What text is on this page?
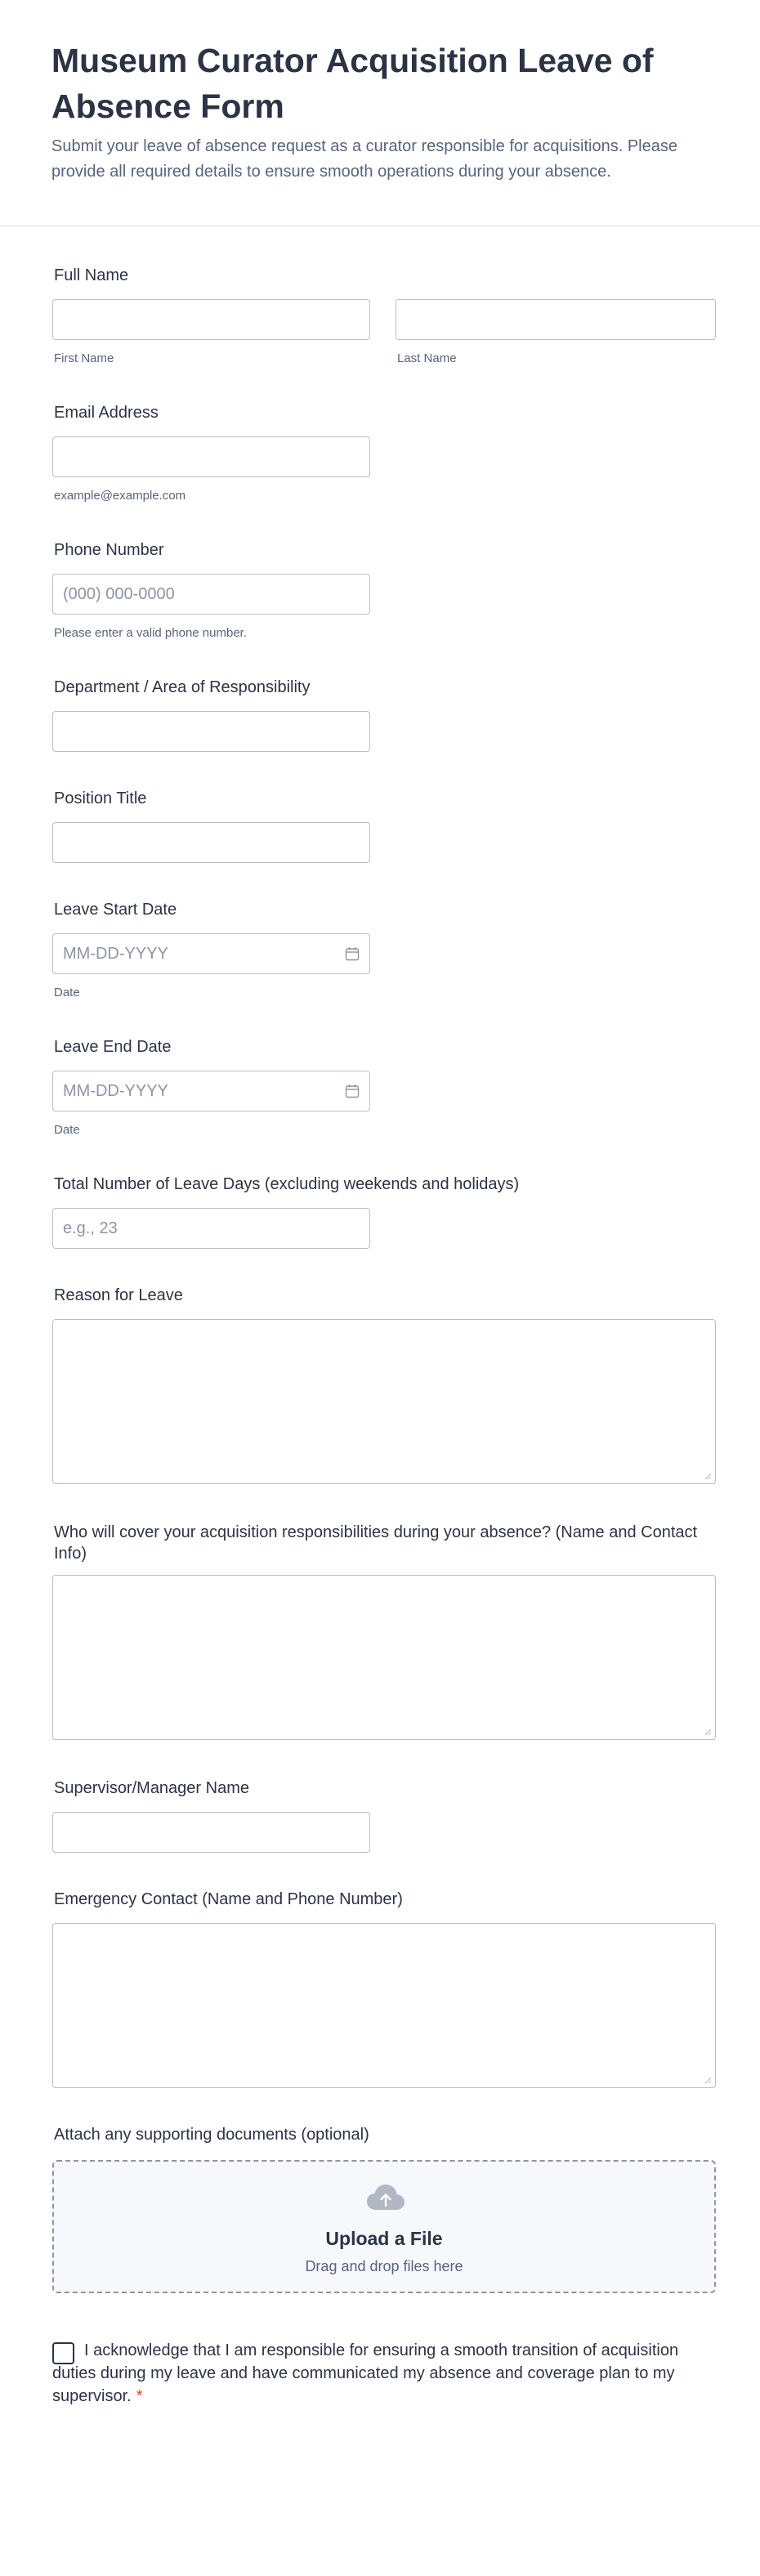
Museum Curator Acquisition Leave of Absence Form

Submit your leave of absence request as a curator responsible for acquisitions. Please provide all required details to ensure smooth operations during your absence.

Full Name
First Name	Last Name
Email Address
example@example.com
Phone Number
(000) 000-0000
Please enter a valid phone number.
Department / Area of Responsibility
Position Title
Leave Start Date
MM-DD-YYYY
Date
Leave End Date
MM-DD-YYYY
Date
Total Number of Leave Days (excluding weekends and holidays)
e.g., 23
Reason for Leave
Who will cover your acquisition responsibilities during your absence? (Name and Contact Info)
Supervisor/Manager Name
Emergency Contact (Name and Phone Number)
Attach any supporting documents (optional)
Upload a File
Drag and drop files here
I acknowledge that I am responsible for ensuring a smooth transition of acquisition duties during my leave and have communicated my absence and coverage plan to my supervisor. *
